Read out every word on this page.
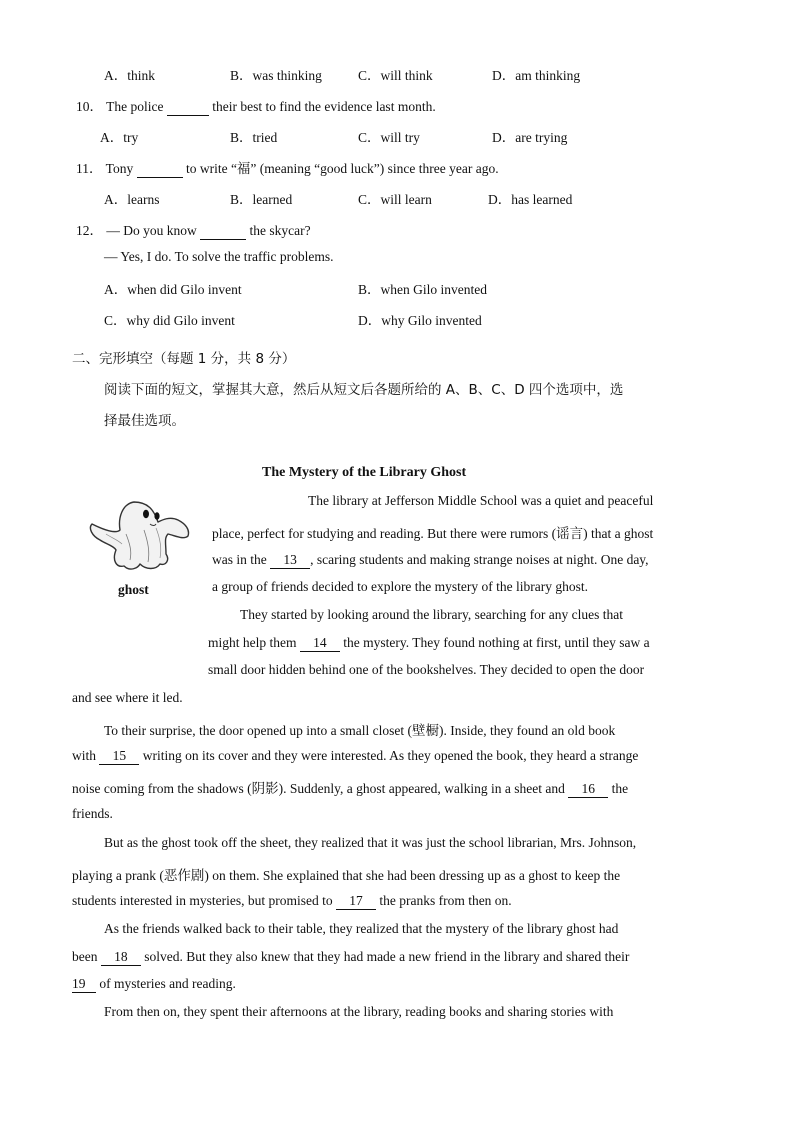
A．think	B．was thinking	C．will think	D．am thinking
10． The police	their best to find the evidence last month.
A．try	B．tried	C．will try	D．are trying
11． Tony	to write “福” (meaning “good luck”) since three year ago.
A．learns	B．learned	C．will learn	D．has learned
12． — Do you know	the skycar?
— Yes, I do. To solve the traffic problems.
A．when did Gilo invent	B．when Gilo invented
C．why did Gilo invent	D．why Gilo invented
二、完形填空（每题 1 分，共 8 分）
阅读下面的短文，掌握其大意，然后从短文后各题所给的 A、B、C、D 四个选项中，选
择最佳选项。
The Mystery of the Library Ghost
ghost
The library at Jefferson Middle School was a quiet and peaceful
place, perfect for studying and reading. But there were rumors (谣言) that a ghost
was in the 13 , scaring students and making strange noises at night. One day,
a group of friends decided to explore the mystery of the library ghost.
They started by looking around the library, searching for any clues that
might help them 14 the mystery. They found nothing at first, until they saw a
small door hidden behind one of the bookshelves. They decided to open the door
and see where it led.
To their surprise, the door opened up into a small closet (壁橱). Inside, they found an old book
with 15 writing on its cover and they were interested. As they opened the book, they heard a strange
noise coming from the shadows (阴影). Suddenly, a ghost appeared, walking in a sheet and 16 the
friends.
But as the ghost took off the sheet, they realized that it was just the school librarian, Mrs. Johnson,
playing a prank (恶作剧) on them. She explained that she had been dressing up as a ghost to keep the
students interested in mysteries, but promised to 17 the pranks from then on.
As the friends walked back to their table, they realized that the mystery of the library ghost had
been 18 solved. But they also knew that they had made a new friend in the library and shared their
19 of mysteries and reading.
From then on, they spent their afternoons at the library, reading books and sharing stories with
